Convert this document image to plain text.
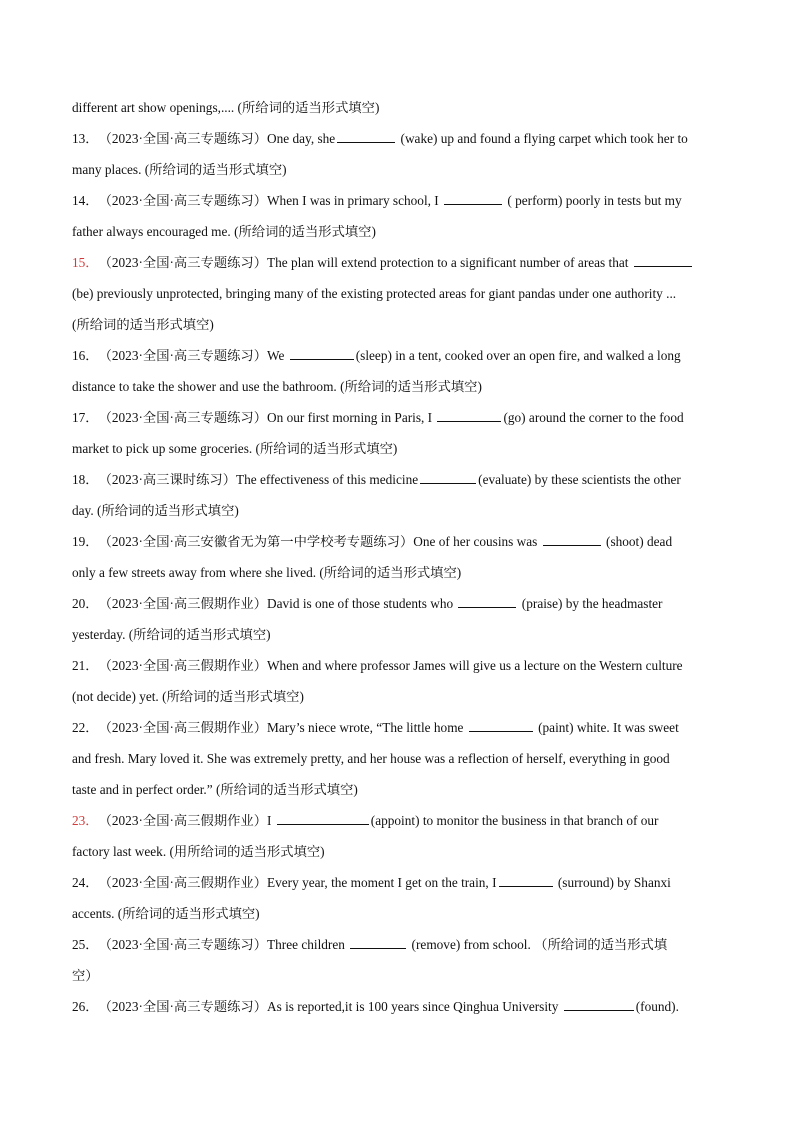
different art show openings,.... (所给词的适当形式填空)
13．（2023·全国·高三专题练习）One day, she	(wake) up and found a flying carpet which took her to
many places. (所给词的适当形式填空)
14．（2023·全国·高三专题练习）When I was in primary school, I	( perform) poorly in tests but my
father always encouraged me. (所给词的适当形式填空)
15．（2023·全国·高三专题练习）The plan will extend protection to a significant number of areas that
(be) previously unprotected, bringing many of the existing protected areas for giant pandas under one authority ...
(所给词的适当形式填空)
16．（2023·全国·高三专题练习）We	(sleep) in a tent, cooked over an open fire, and walked a long
distance to take the shower and use the bathroom. (所给词的适当形式填空)
17．（2023·全国·高三专题练习）On our first morning in Paris, I	(go) around the corner to the food
market to pick up some groceries. (所给词的适当形式填空)
18．（2023·高三课时练习）The effectiveness of this medicine	(evaluate) by these scientists the other
day. (所给词的适当形式填空)
19．（2023·全国·高三安徽省无为第一中学校考专题练习）One of her cousins was	(shoot) dead
only a few streets away from where she lived. (所给词的适当形式填空)
20．（2023·全国·高三假期作业）David is one of those students who	(praise) by the headmaster
yesterday. (所给词的适当形式填空)
21．（2023·全国·高三假期作业）When and where professor James will give us a lecture on the Western culture
(not decide) yet. (所给词的适当形式填空)
22．（2023·全国·高三假期作业）Mary’s niece wrote, “The little home	(paint) white. It was sweet
and fresh. Mary loved it. She was extremely pretty, and her house was a reflection of herself, everything in good
taste and in perfect order.” (所给词的适当形式填空)
23．（2023·全国·高三假期作业）I	(appoint) to monitor the business in that branch of our
factory last week. (用所给词的适当形式填空)
24．（2023·全国·高三假期作业）Every year, the moment I get on the train, I	(surround) by Shanxi
accents. (所给词的适当形式填空)
25．（2023·全国·高三专题练习）Three children	(remove) from school. （所给词的适当形式填
空）
26．（2023·全国·高三专题练习）As is reported,it is 100 years since Qinghua University	(found).
